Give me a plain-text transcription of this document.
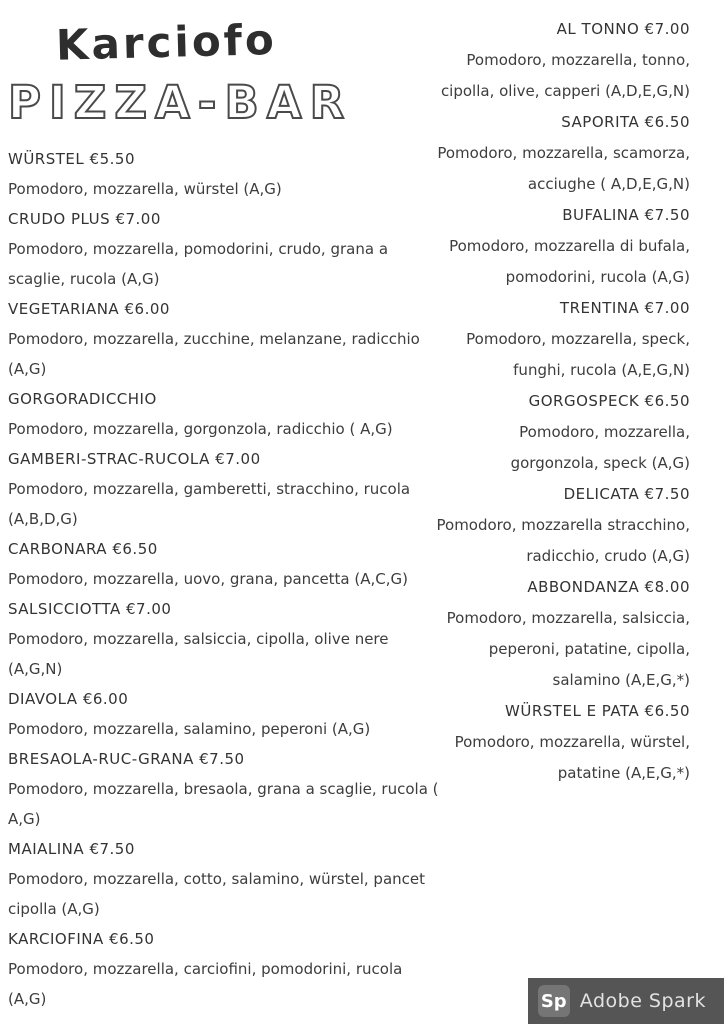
Karciofo
PIZZA-BAR
WÜRSTEL €5.50
Pomodoro, mozzarella, würstel (A,G)
CRUDO PLUS €7.00
Pomodoro, mozzarella, pomodorini, crudo, grana a scaglie, rucola (A,G)
VEGETARIANA €6.00
Pomodoro, mozzarella, zucchine, melanzane, radicchio (A,G)
GORGORADICCHIO
Pomodoro, mozzarella, gorgonzola, radicchio ( A,G)
GAMBERI-STRAC-RUCOLA €7.00
Pomodoro, mozzarella, gamberetti, stracchino, rucola (A,B,D,G)
CARBONARA €6.50
Pomodoro, mozzarella, uovo, grana, pancetta (A,C,G)
SALSICCIOTTA €7.00
Pomodoro, mozzarella, salsiccia, cipolla, olive nere (A,G,N)
DIAVOLA €6.00
Pomodoro, mozzarella, salamino, peperoni (A,G)
BRESAOLA-RUC-GRANA €7.50
Pomodoro, mozzarella, bresaola, grana a scaglie, rucola ( A,G)
MAIALINA €7.50
Pomodoro, mozzarella, cotto, salamino, würstel, pancet cipolla (A,G)
KARCIOFINA €6.50
Pomodoro, mozzarella, carciofini, pomodorini, rucola (A,G)
AL TONNO €7.00
Pomodoro, mozzarella, tonno, cipolla, olive, capperi (A,D,E,G,N)
SAPORITA €6.50
Pomodoro, mozzarella, scamorza, acciughe ( A,D,E,G,N)
BUFALINA €7.50
Pomodoro, mozzarella di bufala, pomodorini, rucola (A,G)
TRENTINA €7.00
Pomodoro, mozzarella, speck, funghi, rucola (A,E,G,N)
GORGOSPECK €6.50
Pomodoro, mozzarella, gorgonzola, speck (A,G)
DELICATA €7.50
Pomodoro, mozzarella stracchino, radicchio, crudo (A,G)
ABBONDANZA €8.00
Pomodoro, mozzarella, salsiccia, peperoni, patatine, cipolla, salamino (A,E,G,*)
WÜRSTEL E PATA €6.50
Pomodoro, mozzarella, würstel, patatine (A,E,G,*)
Sp Adobe Spark
